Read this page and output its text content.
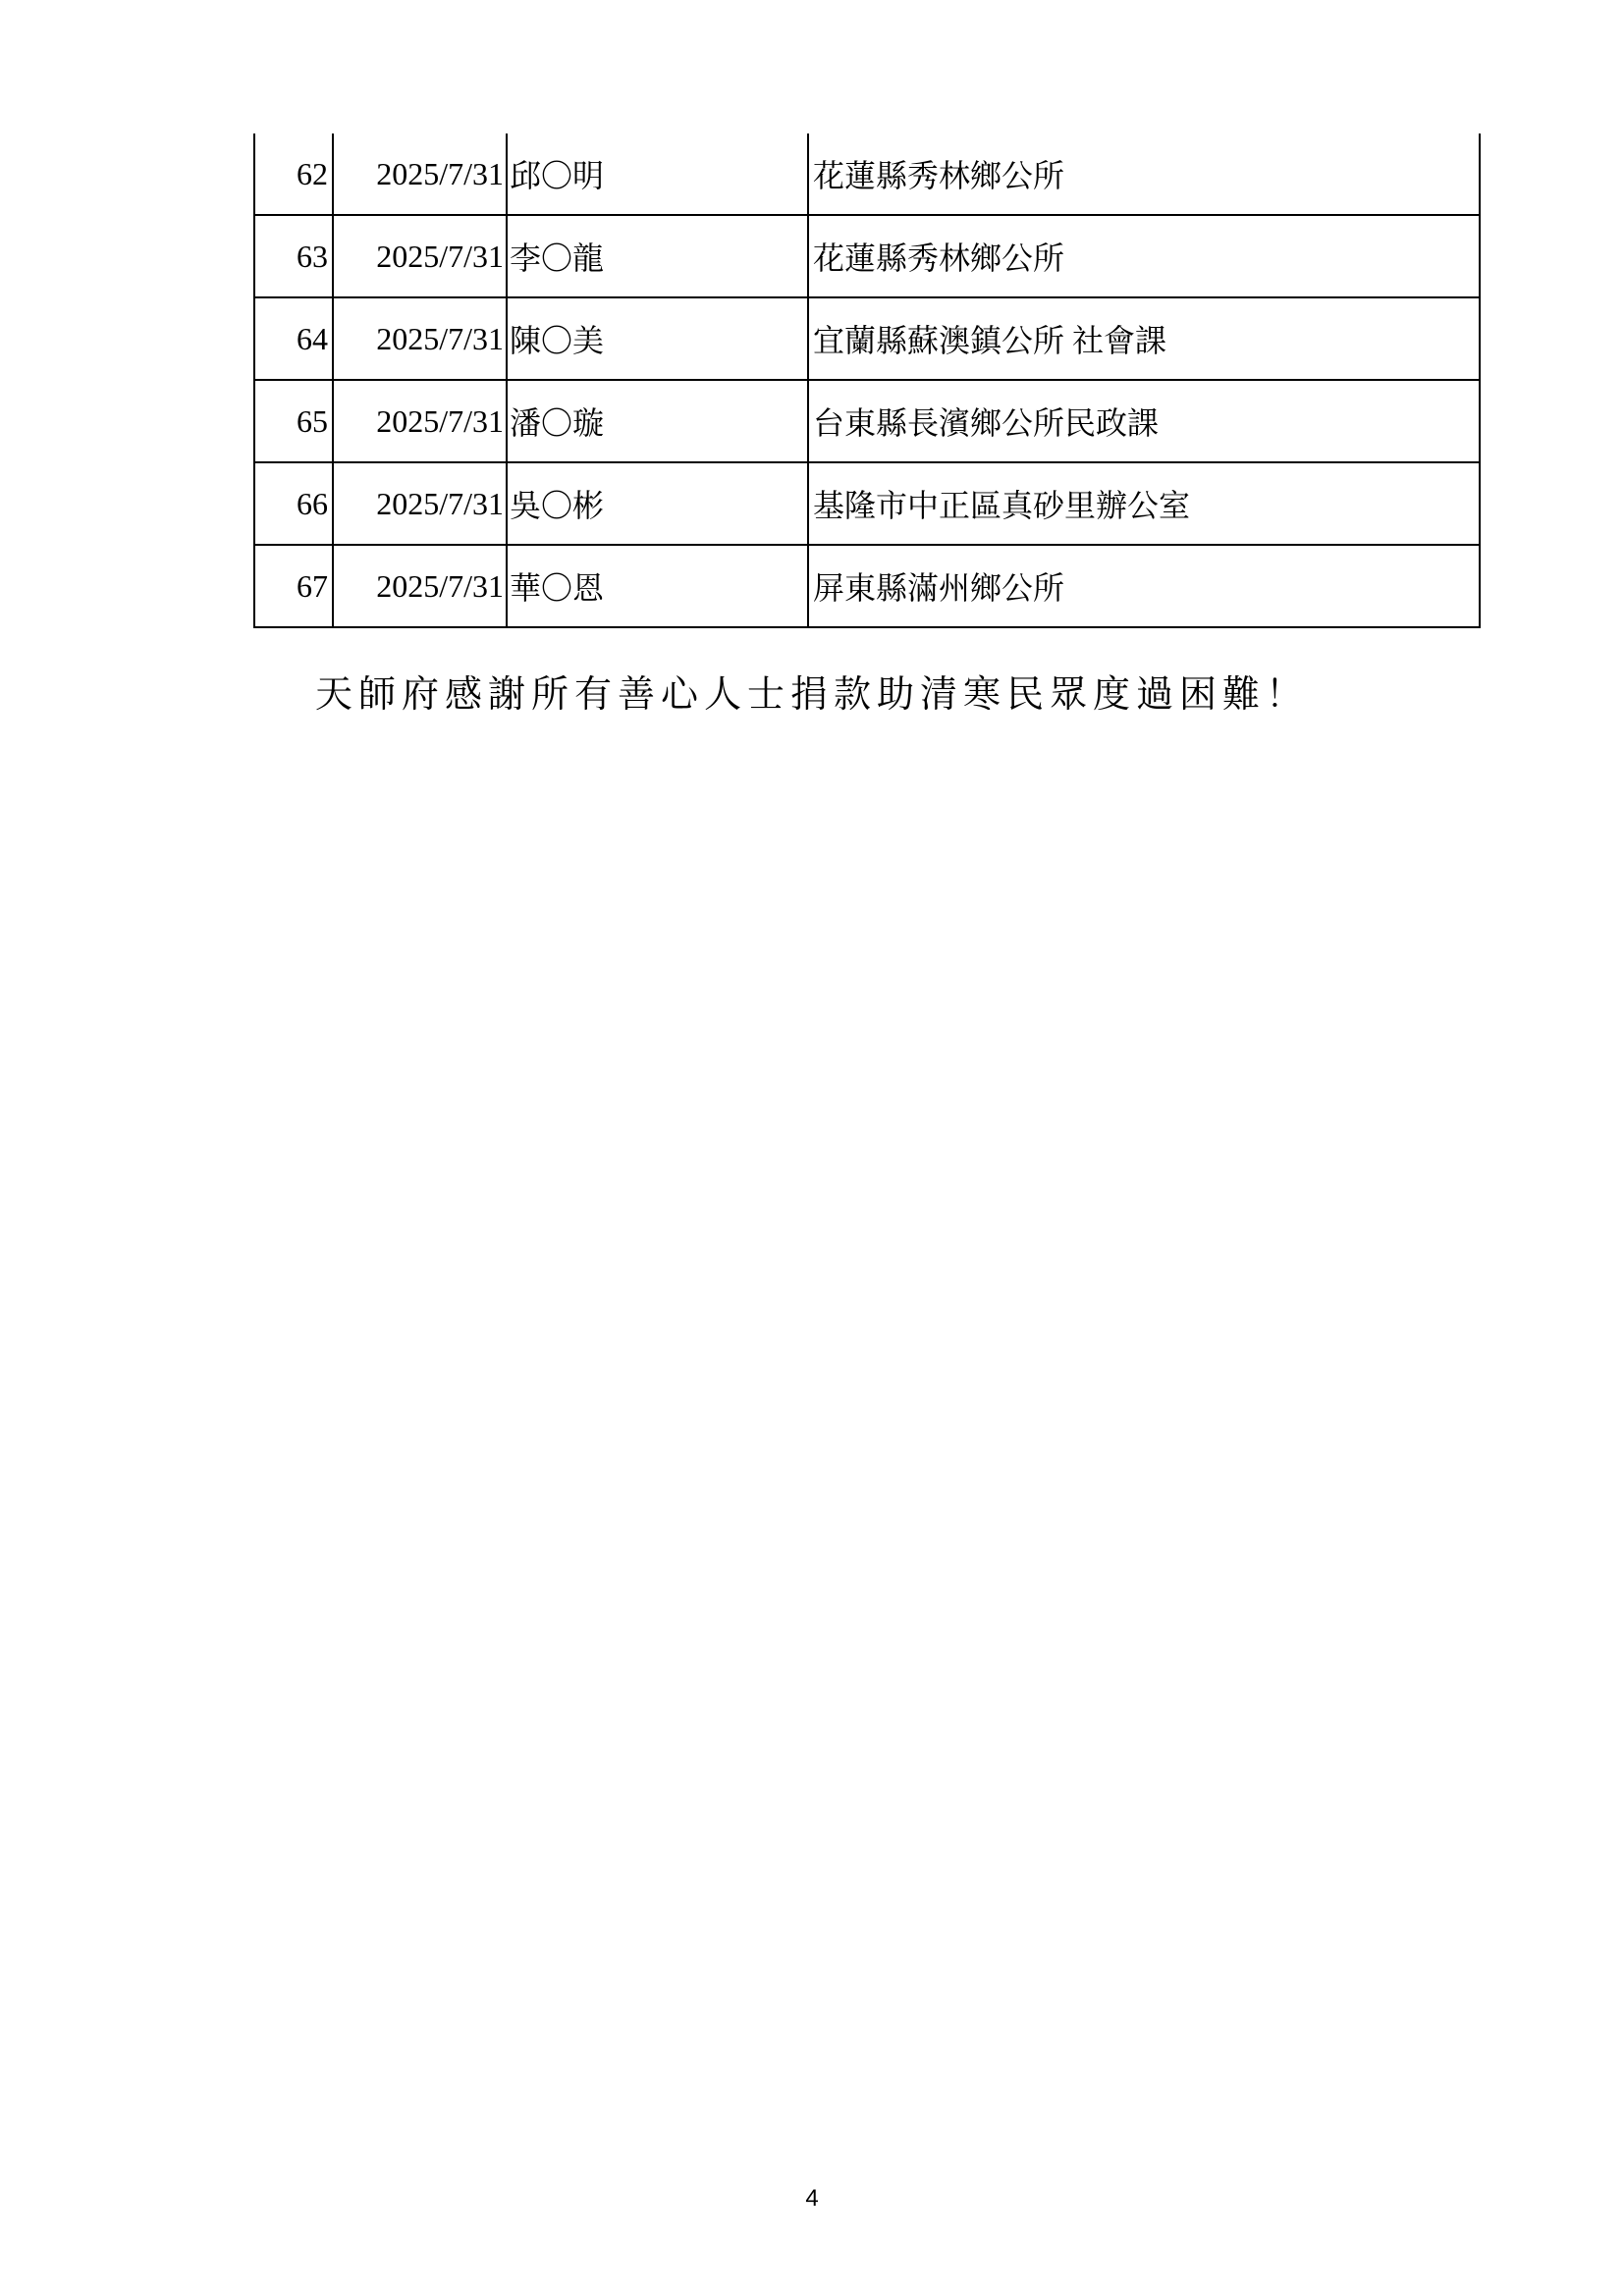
62	2025/7/31	邱〇明	花蓮縣秀林鄉公所
63	2025/7/31	李〇龍	花蓮縣秀林鄉公所
64	2025/7/31	陳〇美	宜蘭縣蘇澳鎮公所 社會課
65	2025/7/31	潘〇璇	台東縣長濱鄉公所民政課
66	2025/7/31	吳〇彬	基隆市中正區真砂里辦公室
67	2025/7/31	華〇恩	屏東縣滿州鄉公所
天師府感謝所有善心人士捐款助清寒民眾度過困難！
4
